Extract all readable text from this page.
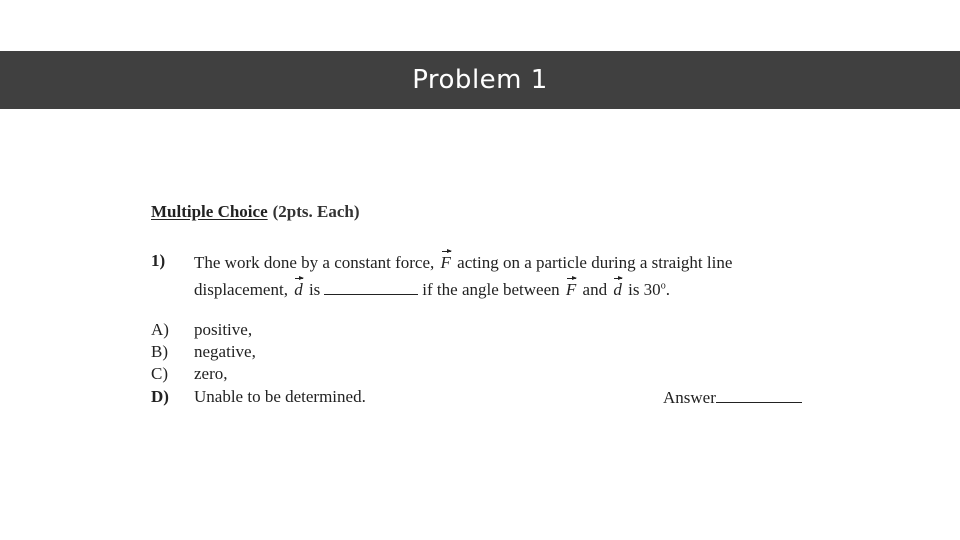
Problem 1
Multiple Choice (2pts. Each)
1) The work done by a constant force, F acting on a particle during a straight line
displacement, d is	if the angle between F and d is 30$^o$.
A)	positive,
B)	negative,
C)	zero,
D)	Unable to be determined.	Answer
